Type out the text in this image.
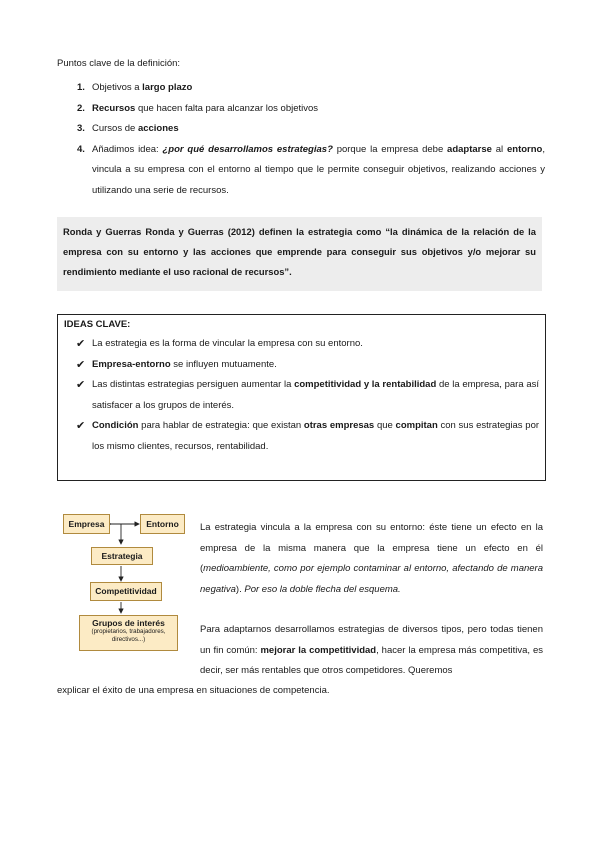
Puntos clave de la definición:
1. Objetivos a largo plazo
2. Recursos que hacen falta para alcanzar los objetivos
3. Cursos de acciones
4. Añadimos idea: ¿por qué desarrollamos estrategias? porque la empresa debe adaptarse al entorno, vincula a su empresa con el entorno al tiempo que le permite conseguir objetivos, realizando acciones y utilizando una serie de recursos.
Ronda y Guerras Ronda y Guerras (2012) definen la estrategia como “la dinámica de la relación de la empresa con su entorno y las acciones que emprende para conseguir sus objetivos y/o mejorar su rendimiento mediante el uso racional de recursos”.
IDEAS CLAVE:
✔ La estrategia es la forma de vincular la empresa con su entorno.
✔ Empresa-entorno se influyen mutuamente.
✔ Las distintas estrategias persiguen aumentar la competitividad y la rentabilidad de la empresa, para así satisfacer a los grupos de interés.
✔ Condición para hablar de estrategia: que existan otras empresas que compitan con sus estrategias por los mismo clientes, recursos, rentabilidad.
Empresa	Entorno
Estrategia
Competitividad
Grupos de interés
(propietarios, trabajadores, directivos...)
La estrategia vincula a la empresa con su entorno: éste tiene un efecto en la empresa de la misma manera que la empresa tiene un efecto en él (medioambiente, como por ejemplo contaminar al entorno, afectando de manera negativa). Por eso la doble flecha del esquema.
Para adaptarnos desarrollamos estrategias de diversos tipos, pero todas tienen un fin común: mejorar la competitividad, hacer la empresa más competitiva, es decir, ser más rentables que otros competidores. Queremos
explicar el éxito de una empresa en situaciones de competencia.
